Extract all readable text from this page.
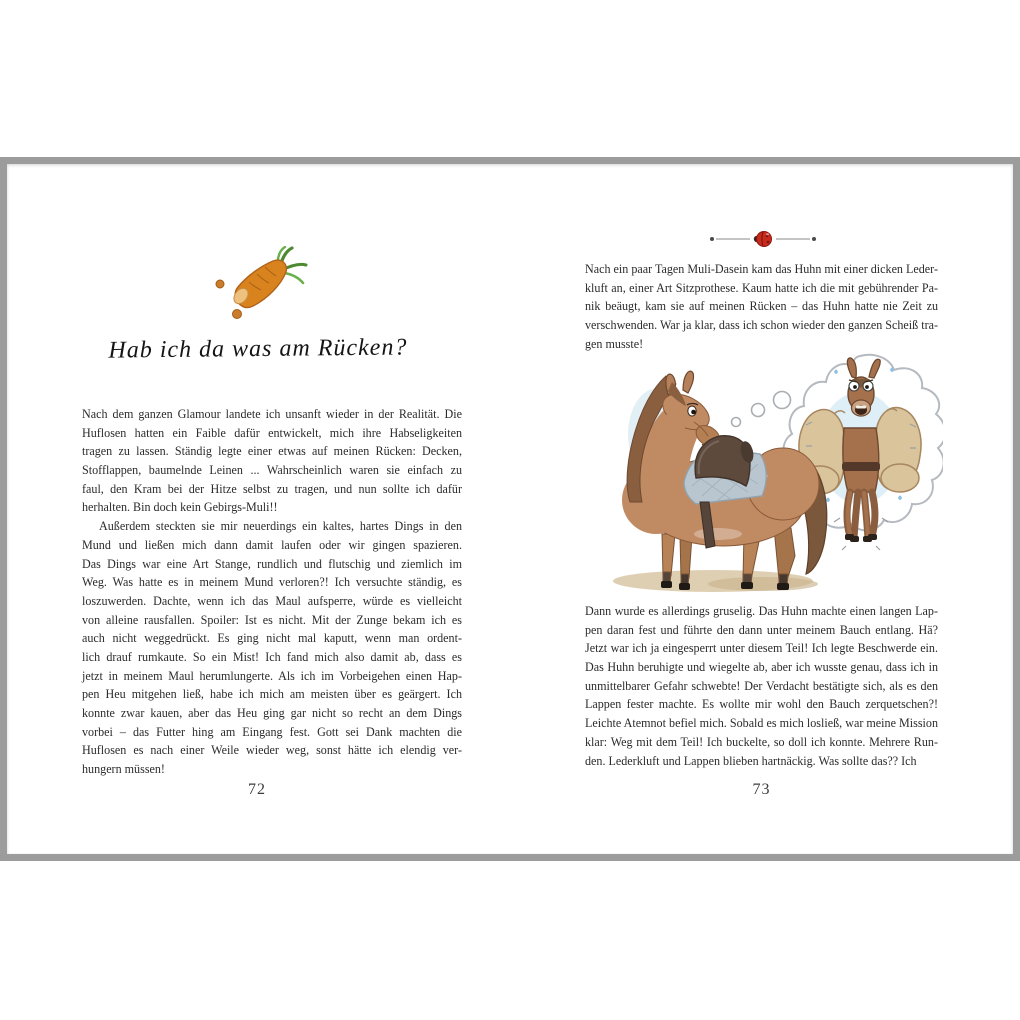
Hab ich da was am Rücken?
Nach dem ganzen Glamour landete ich unsanft wieder in der Realität. Die
Huflosen hatten ein Faible dafür entwickelt, mich ihre Habseligkeiten
tragen zu lassen. Ständig legte einer etwas auf meinen Rücken: Decken,
Stofflappen, baumelnde Leinen ... Wahrscheinlich waren sie einfach zu
faul, den Kram bei der Hitze selbst zu tragen, und nun sollte ich dafür
herhalten. Bin doch kein Gebirgs-Muli!!
Außerdem steckten sie mir neuerdings ein kaltes, hartes Dings in den
Mund und ließen mich dann damit laufen oder wir gingen spazieren.
Das Dings war eine Art Stange, rundlich und flutschig und ziemlich im
Weg. Was hatte es in meinem Mund verloren?! Ich versuchte ständig, es
loszuwerden. Dachte, wenn ich das Maul aufsperre, würde es vielleicht
von alleine rausfallen. Spoiler: Ist es nicht. Mit der Zunge bekam ich es
auch nicht weggedrückt. Es ging nicht mal kaputt, wenn man ordent-
lich drauf rumkaute. So ein Mist! Ich fand mich also damit ab, dass es
jetzt in meinem Maul herumlungerte. Als ich im Vorbeigehen einen Hap-
pen Heu mitgehen ließ, habe ich mich am meisten über es geärgert. Ich
konnte zwar kauen, aber das Heu ging gar nicht so recht an dem Dings
vorbei – das Futter hing am Eingang fest. Gott sei Dank machten die
Huflosen es nach einer Weile wieder weg, sonst hätte ich elendig ver-
hungern müssen!
72
Nach ein paar Tagen Muli-Dasein kam das Huhn mit einer dicken Leder-
kluft an, einer Art Sitzprothese. Kaum hatte ich die mit gebührender Pa-
nik beäugt, kam sie auf meinen Rücken – das Huhn hatte nie Zeit zu
verschwenden. War ja klar, dass ich schon wieder den ganzen Scheiß tra-
gen musste!
Dann wurde es allerdings gruselig. Das Huhn machte einen langen Lap-
pen daran fest und führte den dann unter meinem Bauch entlang. Hä?
Jetzt war ich ja eingesperrt unter diesem Teil! Ich legte Beschwerde ein.
Das Huhn beruhigte und wiegelte ab, aber ich wusste genau, dass ich in
unmittelbarer Gefahr schwebte! Der Verdacht bestätigte sich, als es den
Lappen fester machte. Es wollte mir wohl den Bauch zerquetschen?!
Leichte Atemnot befiel mich. Sobald es mich losließ, war meine Mission
klar: Weg mit dem Teil! Ich buckelte, so doll ich konnte. Mehrere Run-
den. Lederkluft und Lappen blieben hartnäckig. Was sollte das?? Ich
73
